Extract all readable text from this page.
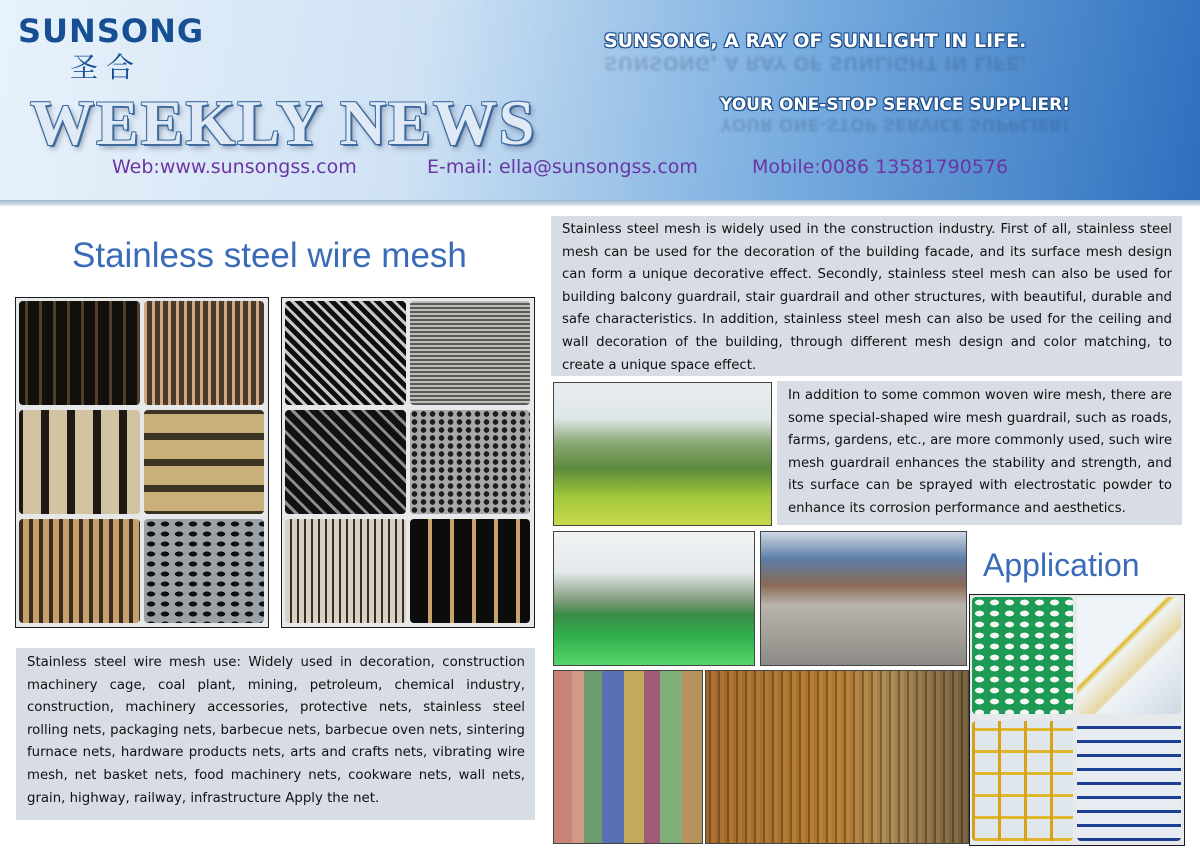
SUNSONG
圣合
WEEKLY NEWS
SUNSONG, A RAY OF SUNLIGHT IN LIFE.
SUNSONG, A RAY OF SUNLIGHT IN LIFE.
YOUR ONE-STOP SERVICE SUPPLIER!
YOUR ONE-STOP SERVICE SUPPLIER!
Web:www.sunsongss.com	E-mail: ella@sunsongss.com	Mobile:0086 13581790576
Stainless steel wire mesh
Stainless steel mesh is widely used in the construction industry. First of all, stainless steel mesh can be used for the decoration of the building facade, and its surface mesh design can form a unique decorative effect. Secondly, stainless steel mesh can also be used for building balcony guardrail, stair guardrail and other structures, with beautiful, durable and safe characteristics. In addition, stainless steel mesh can also be used for the ceiling and wall decoration of the building, through different mesh design and color matching, to create a unique space effect.
In addition to some common woven wire mesh, there are some special-shaped wire mesh guardrail, such as roads, farms, gardens, etc., are more commonly used, such wire mesh guardrail enhances the stability and strength, and its surface can be sprayed with electrostatic powder to enhance its corrosion performance and aesthetics.
Stainless steel wire mesh use: Widely used in decoration, construction machinery cage, coal plant, mining, petroleum, chemical industry, construction, machinery accessories, protective nets, stainless steel rolling nets, packaging nets, barbecue nets, barbecue oven nets, sintering furnace nets, hardware products nets, arts and crafts nets, vibrating wire mesh, net basket nets, food machinery nets, cookware nets, wall nets, grain, highway, railway, infrastructure Apply the net.
Application
